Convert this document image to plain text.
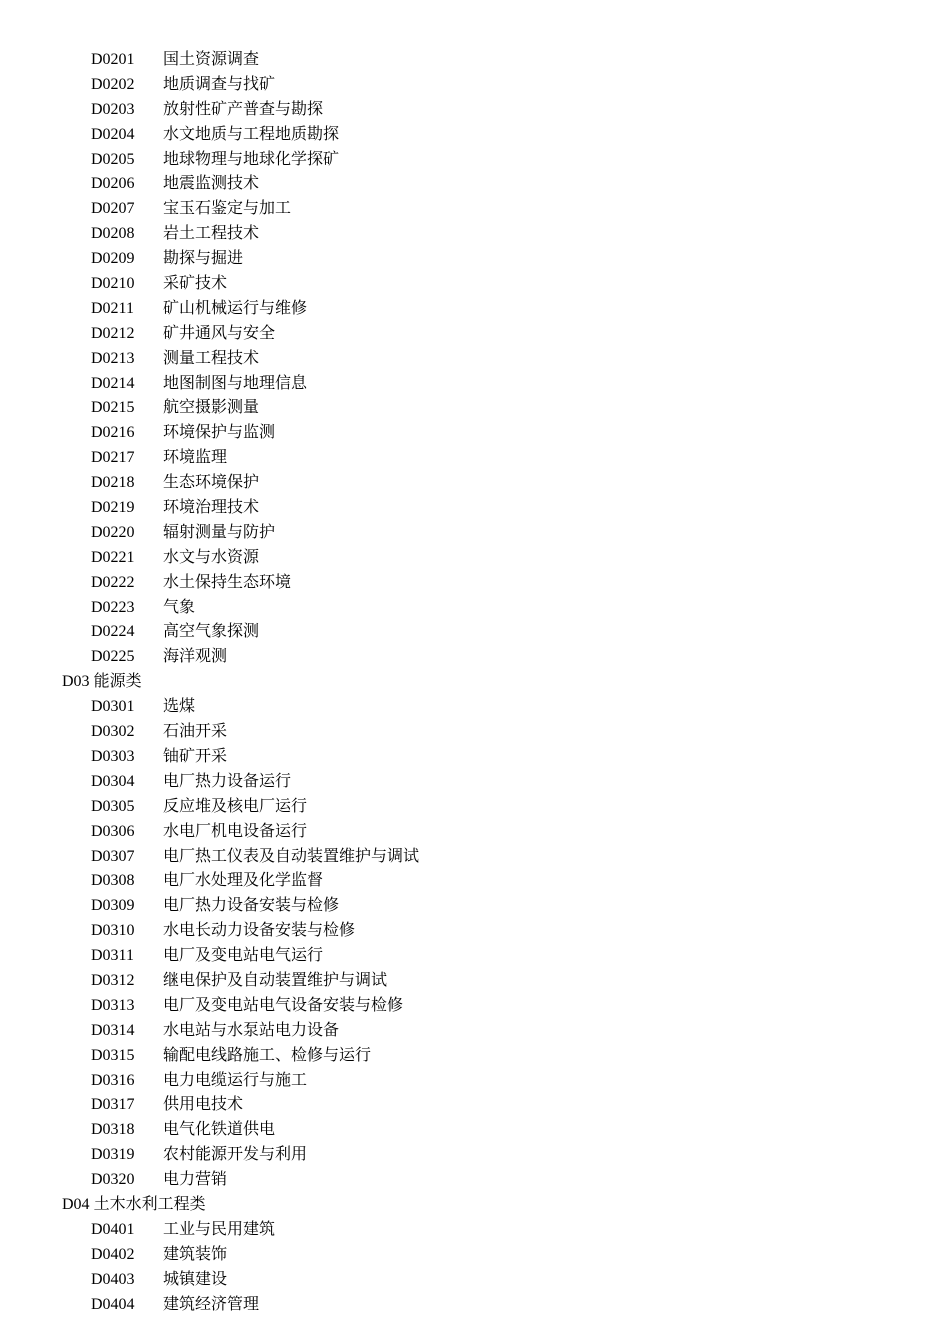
D0201 国土资源调查
D0202 地质调查与找矿
D0203 放射性矿产普查与勘探
D0204 水文地质与工程地质勘探
D0205 地球物理与地球化学探矿
D0206 地震监测技术
D0207 宝玉石鉴定与加工
D0208 岩土工程技术
D0209 勘探与掘进
D0210 采矿技术
D0211 矿山机械运行与维修
D0212 矿井通风与安全
D0213 测量工程技术
D0214 地图制图与地理信息
D0215 航空摄影测量
D0216 环境保护与监测
D0217 环境监理
D0218 生态环境保护
D0219 环境治理技术
D0220 辐射测量与防护
D0221 水文与水资源
D0222 水土保持生态环境
D0223 气象
D0224 高空气象探测
D0225 海洋观测
D03 能源类
D0301 选煤
D0302 石油开采
D0303 铀矿开采
D0304 电厂热力设备运行
D0305 反应堆及核电厂运行
D0306 水电厂机电设备运行
D0307 电厂热工仪表及自动装置维护与调试
D0308 电厂水处理及化学监督
D0309 电厂热力设备安装与检修
D0310 水电长动力设备安装与检修
D0311 电厂及变电站电气运行
D0312 继电保护及自动装置维护与调试
D0313 电厂及变电站电气设备安装与检修
D0314 水电站与水泵站电力设备
D0315 输配电线路施工、检修与运行
D0316 电力电缆运行与施工
D0317 供用电技术
D0318 电气化铁道供电
D0319 农村能源开发与利用
D0320 电力营销
D04 土木水利工程类
D0401 工业与民用建筑
D0402 建筑装饰
D0403 城镇建设
D0404 建筑经济管理
